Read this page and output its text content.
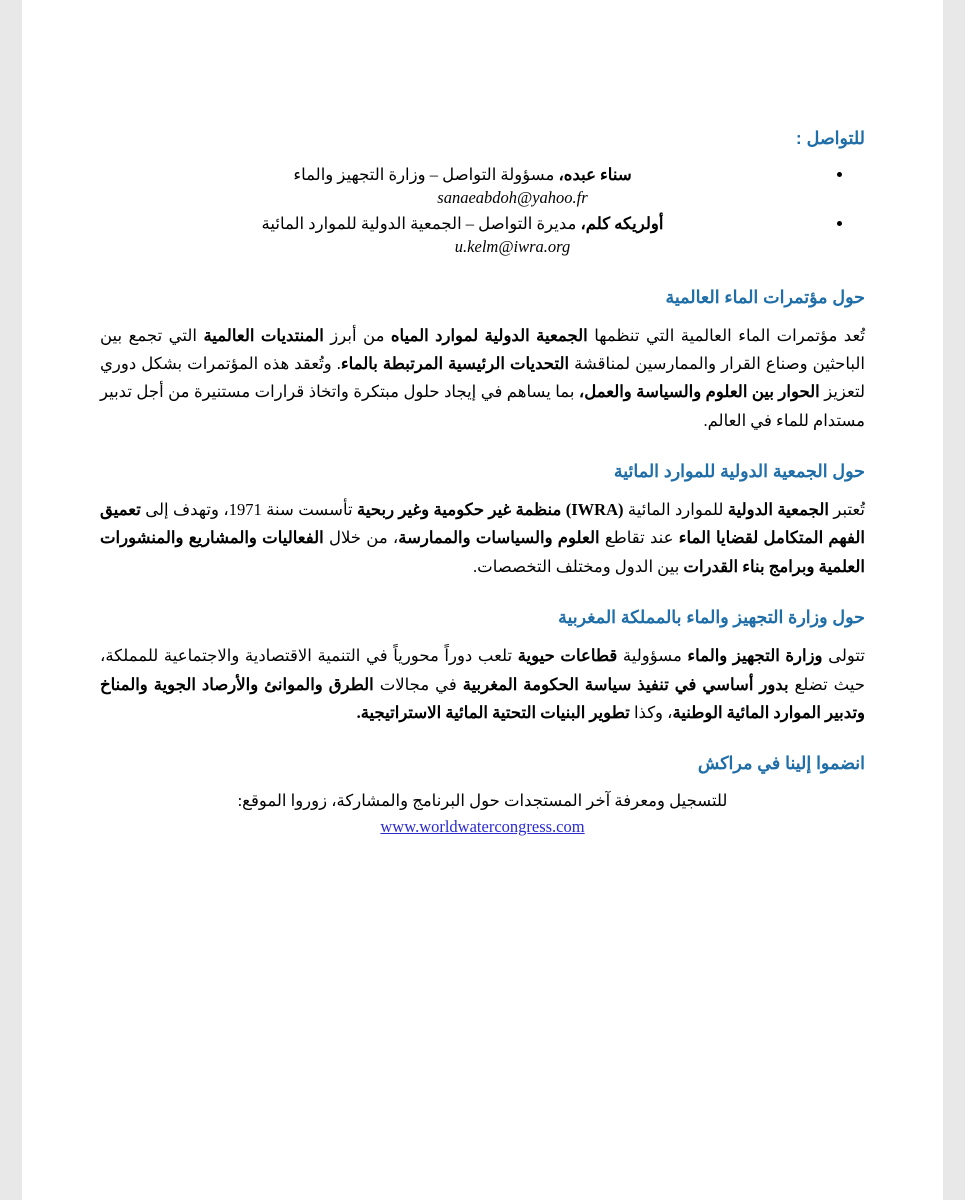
للتواصل :
• سناء عبده، مسؤولة التواصل – وزارة التجهيز والماء
sanaeabdoh@yahoo.fr
• أولريكه كلم، مديرة التواصل – الجمعية الدولية للموارد المائية
u.kelm@iwra.org
حول مؤتمرات الماء العالمية

تُعد مؤتمرات الماء العالمية التي تنظمها الجمعية الدولية لموارد المياه من أبرز المنتديات العالمية التي تجمع بين الباحثين وصناع القرار والممارسين لمناقشة التحديات الرئيسية المرتبطة بالماء. وتُعقد هذه المؤتمرات بشكل دوري لتعزيز الحوار بين العلوم والسياسة والعمل، بما يساهم في إيجاد حلول مبتكرة واتخاذ قرارات مستنيرة من أجل تدبير مستدام للماء في العالم.

حول الجمعية الدولية للموارد المائية

تُعتبر الجمعية الدولية للموارد المائية (IWRA) منظمة غير حكومية وغير ربحية تأسست سنة 1971، وتهدف إلى تعميق الفهم المتكامل لقضايا الماء عند تقاطع العلوم والسياسات والممارسة، من خلال الفعاليات والمشاريع والمنشورات العلمية وبرامج بناء القدرات بين الدول ومختلف التخصصات.

حول وزارة التجهيز والماء بالمملكة المغربية

تتولى وزارة التجهيز والماء مسؤولية قطاعات حيوية تلعب دوراً محورياً في التنمية الاقتصادية والاجتماعية للمملكة، حيث تضلع بدور أساسي في تنفيذ سياسة الحكومة المغربية في مجالات الطرق والموانئ والأرصاد الجوية والمناخ وتدبير الموارد المائية الوطنية، وكذا تطوير البنيات التحتية المائية الاستراتيجية.

انضموا إلينا في مراكش

للتسجيل ومعرفة آخر المستجدات حول البرنامج والمشاركة، زوروا الموقع:

www.worldwatercongress.com
